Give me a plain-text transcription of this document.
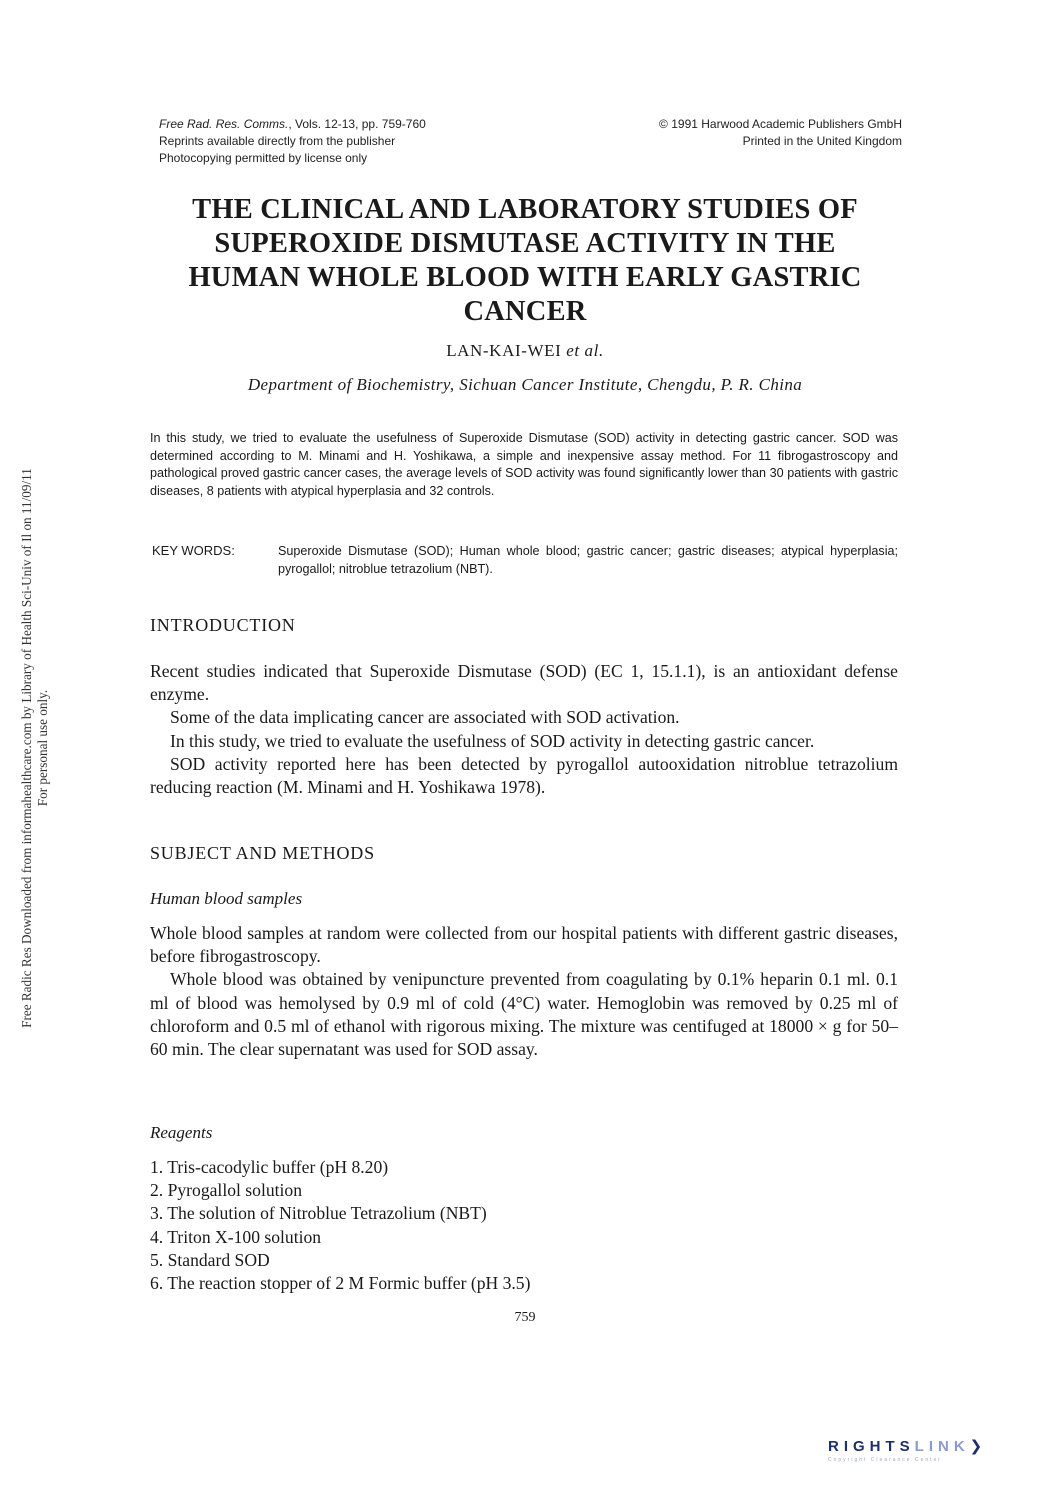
Free Rad. Res. Comms., Vols. 12-13, pp. 759-760
Reprints available directly from the publisher
Photocopying permitted by license only
© 1991 Harwood Academic Publishers GmbH
Printed in the United Kingdom
THE CLINICAL AND LABORATORY STUDIES OF
SUPEROXIDE DISMUTASE ACTIVITY IN THE
HUMAN WHOLE BLOOD WITH EARLY GASTRIC
CANCER
LAN-KAI-WEI et al.
Department of Biochemistry, Sichuan Cancer Institute, Chengdu, P. R. China
In this study, we tried to evaluate the usefulness of Superoxide Dismutase (SOD) activity in detecting gastric cancer. SOD was determined according to M. Minami and H. Yoshikawa, a simple and inexpensive assay method. For 11 fibrogastroscopy and pathological proved gastric cancer cases, the average levels of SOD activity was found significantly lower than 30 patients with gastric diseases, 8 patients with atypical hyperplasia and 32 controls.
KEY WORDS:	Superoxide Dismutase (SOD); Human whole blood; gastric cancer; gastric diseases; atypical hyperplasia; pyrogallol; nitroblue tetrazolium (NBT).
INTRODUCTION

Recent studies indicated that Superoxide Dismutase (SOD) (EC 1, 15.1.1), is an antioxidant defense enzyme.

Some of the data implicating cancer are associated with SOD activation.

In this study, we tried to evaluate the usefulness of SOD activity in detecting gastric cancer.

SOD activity reported here has been detected by pyrogallol autooxidation nitroblue tetrazolium reducing reaction (M. Minami and H. Yoshikawa 1978).

SUBJECT AND METHODS
Human blood samples

Whole blood samples at random were collected from our hospital patients with different gastric diseases, before fibrogastroscopy.

Whole blood was obtained by venipuncture prevented from coagulating by 0.1% heparin 0.1 ml. 0.1 ml of blood was hemolysed by 0.9 ml of cold (4°C) water. Hemoglobin was removed by 0.25 ml of chloroform and 0.5 ml of ethanol with rigorous mixing. The mixture was centifuged at 18000 × g for 50–60 min. The clear supernatant was used for SOD assay.

Reagents
1. Tris-cacodylic buffer (pH 8.20)
2. Pyrogallol solution
3. The solution of Nitroblue Tetrazolium (NBT)
4. Triton X-100 solution
5. Standard SOD
6. The reaction stopper of 2 M Formic buffer (pH 3.5)
759
Free Radic Res Downloaded from informahealthcare.com by Library of Health Sci-Univ of Il on 11/09/11 For personal use only.
RIGHTSLINK❯
Copyright Clearance Center
